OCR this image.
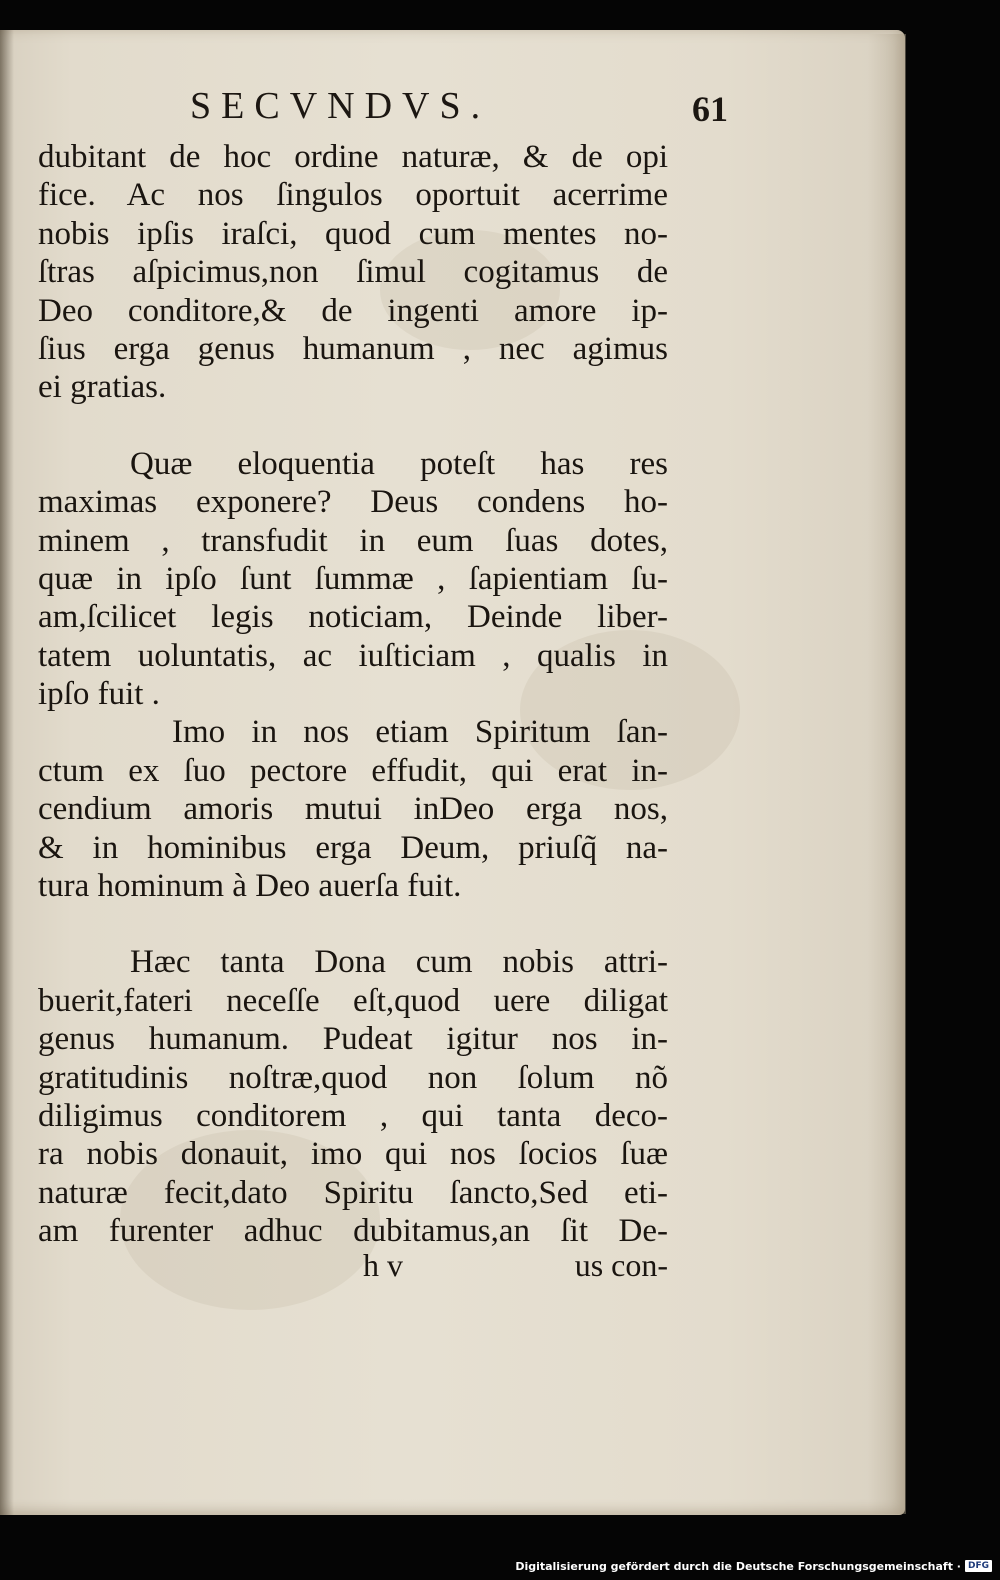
SECVNDVS.	61
dubitant de hoc ordine naturæ, & de opi
fice. Ac nos ſingulos oportuit acerrime
nobis ipſis iraſci, quod cum mentes no-
ſtras aſpicimus,non ſimul cogitamus de
Deo conditore,& de ingenti amore ip-
ſius erga genus humanum , nec agimus
ei gratias.
Quæ eloquentia poteſt has res
maximas exponere? Deus condens ho-
minem , transfudit in eum ſuas dotes,
quæ in ipſo ſunt ſummæ , ſapientiam ſu-
am,ſcilicet legis noticiam, Deinde liber-
tatem uoluntatis, ac iuſticiam , qualis in
ipſo fuit .
Imo in nos etiam Spiritum ſan-
ctum ex ſuo pectore effudit, qui erat in-
cendium amoris mutui inDeo erga nos,
& in hominibus erga Deum, priuſq̃ na-
tura hominum à Deo auerſa fuit.
Hæc tanta Dona cum nobis attri-
buerit,fateri neceſſe eſt,quod uere diligat
genus humanum. Pudeat igitur nos in-
gratitudinis noſtræ,quod non ſolum nõ
diligimus conditorem , qui tanta deco-
ra nobis donauit, imo qui nos ſocios ſuæ
naturæ fecit,dato Spiritu ſancto,Sed eti-
am furenter adhuc dubitamus,an ſit De-
h v	us con-
Digitalisierung gefördert durch die Deutsche Forschungsgemeinschaft · DFG
